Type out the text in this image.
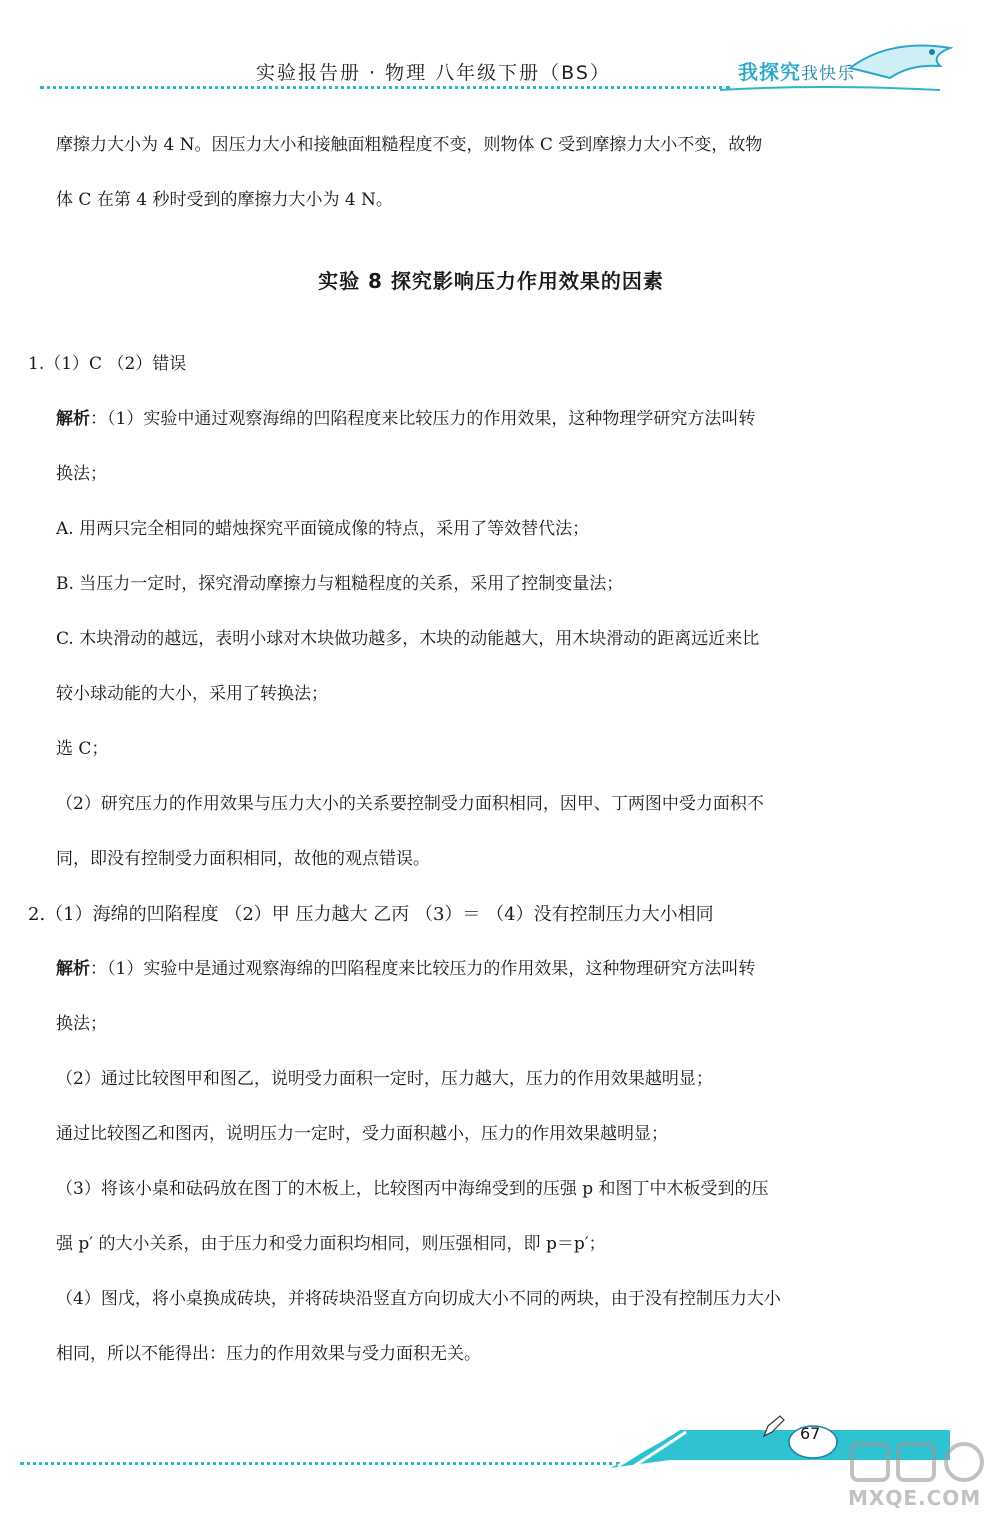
实验报告册 · 物理 八年级下册（BS）	我探究我快乐
摩擦力大小为 4 N。因压力大小和接触面粗糙程度不变，则物体 C 受到摩擦力大小不变，故物
体 C 在第 4 秒时受到的摩擦力大小为 4 N。
实验 8 探究影响压力作用效果的因素
1.（1）C （2）错误
解析：（1）实验中通过观察海绵的凹陷程度来比较压力的作用效果，这种物理学研究方法叫转
换法；
A. 用两只完全相同的蜡烛探究平面镜成像的特点，采用了等效替代法；
B. 当压力一定时，探究滑动摩擦力与粗糙程度的关系，采用了控制变量法；
C. 木块滑动的越远，表明小球对木块做功越多，木块的动能越大，用木块滑动的距离远近来比
较小球动能的大小，采用了转换法；
选 C；
（2）研究压力的作用效果与压力大小的关系要控制受力面积相同，因甲、丁两图中受力面积不
同，即没有控制受力面积相同，故他的观点错误。
2.（1）海绵的凹陷程度 （2）甲 压力越大 乙丙 （3）＝ （4）没有控制压力大小相同
解析：（1）实验中是通过观察海绵的凹陷程度来比较压力的作用效果，这种物理研究方法叫转
换法；
（2）通过比较图甲和图乙，说明受力面积一定时，压力越大，压力的作用效果越明显；
通过比较图乙和图丙，说明压力一定时，受力面积越小，压力的作用效果越明显；
（3）将该小桌和砝码放在图丁的木板上，比较图丙中海绵受到的压强 p 和图丁中木板受到的压
强 p′ 的大小关系，由于压力和受力面积均相同，则压强相同，即 p＝p′；
（4）图戊，将小桌换成砖块，并将砖块沿竖直方向切成大小不同的两块，由于没有控制压力大小
相同，所以不能得出：压力的作用效果与受力面积无关。
67
MXQE.COM
